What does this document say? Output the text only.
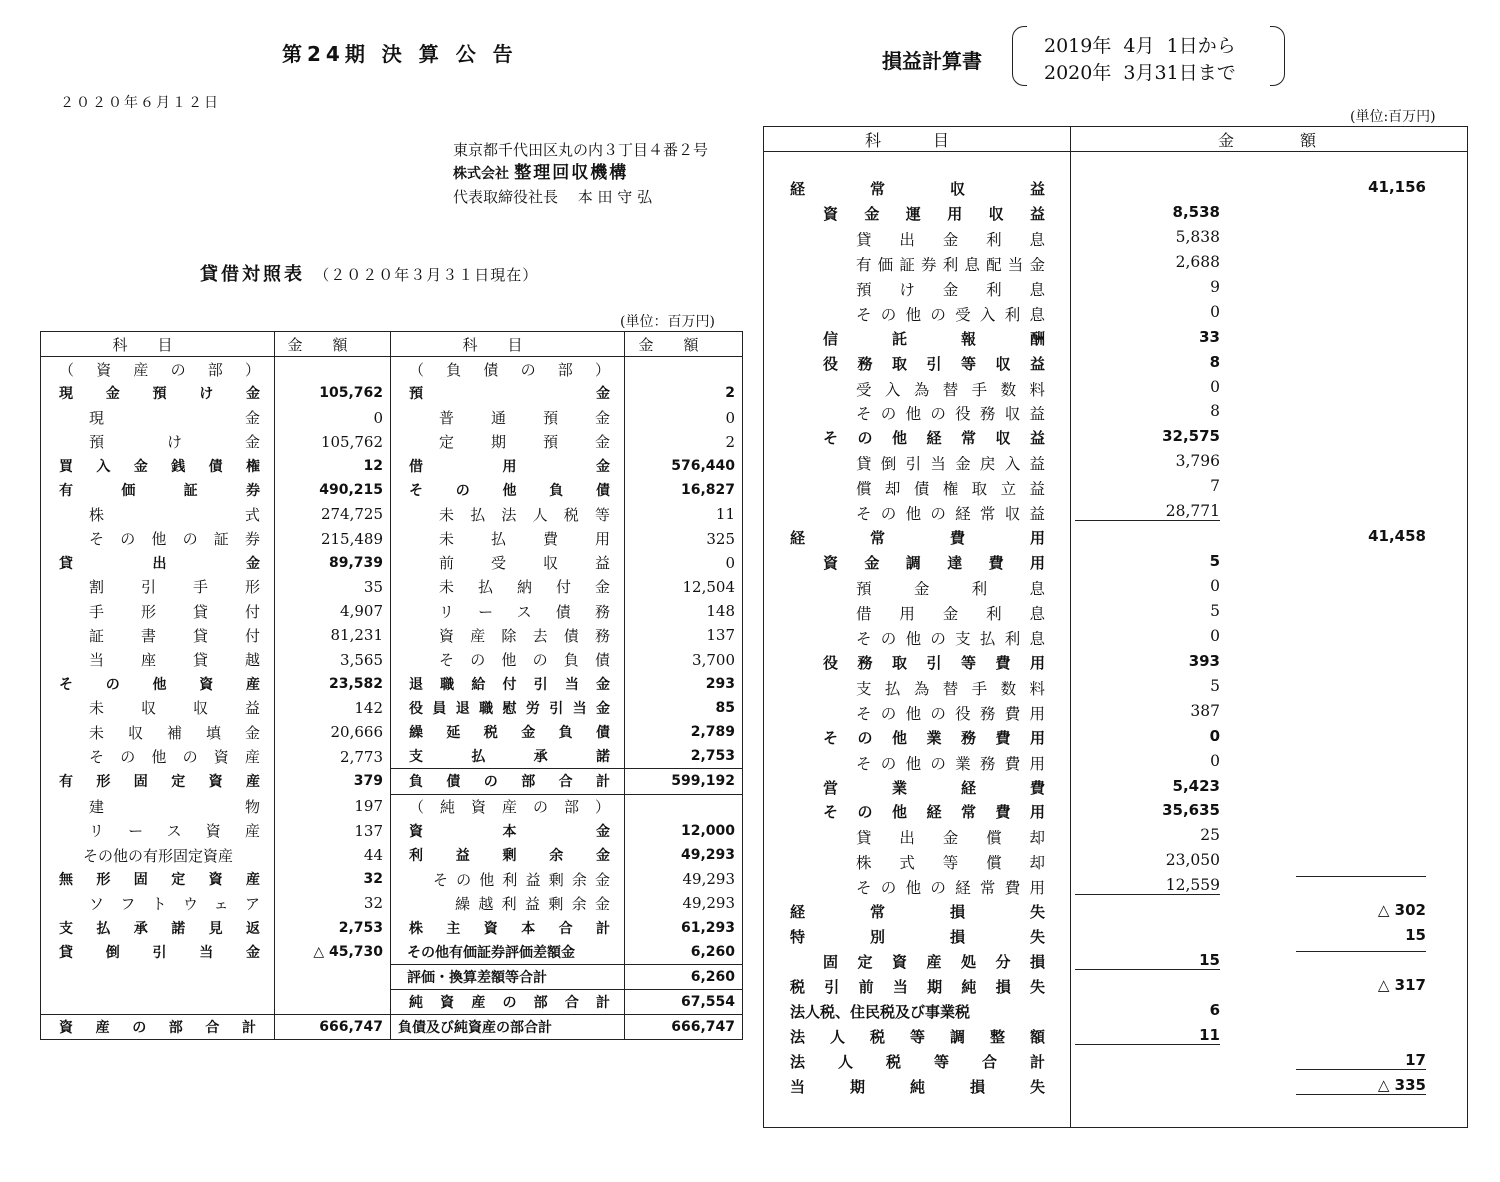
第24期 決 算 公 告
２０２０年６月１２日
東京都千代田区丸の内３丁目４番２号
株式会社 整理回収機構
代表取締役社長　 本 田 守 弘
貸借対照表 （２０２０年３月３１日現在）
(単位：百万円)
科目	金額	科目	金額
（資産の部）		（負債の部）	
現金預け金	105,762	預金	2
現金	0	普通預金	0
預け金	105,762	定期預金	2
買入金銭債権	12	借用金	576,440
有価証券	490,215	その他負債	16,827
株式	274,725	未払法人税等	11
その他の証券	215,489	未払費用	325
貸出金	89,739	前受収益	0
割引手形	35	未払納付金	12,504
手形貸付	4,907	リース債務	148
証書貸付	81,231	資産除去債務	137
当座貸越	3,565	その他の負債	3,700
その他資産	23,582	退職給付引当金	293
未収収益	142	役員退職慰労引当金	85
未収補填金	20,666	繰延税金負債	2,789
その他の資産	2,773	支払承諾	2,753
有形固定資産	379	負債の部合計	599,192
建物	197	（純資産の部）	
リース資産	137	資本金	12,000
その他の有形固定資産	44	利益剰余金	49,293
無形固定資産	32	その他利益剰余金	49,293
ソフトウェア	32	繰越利益剰余金	49,293
支払承諾見返	2,753	株主資本合計	61,293
貸倒引当金	△ 45,730	その他有価証券評価差額金	6,260
		評価・換算差額等合計	6,260
		純資産の部合計	67,554
資産の部合計	666,747	負債及び純資産の部合計	666,747
損益計算書
2019年  4月  1日から
2020年  3月31日まで
(単位:百万円)
科目	金額
経常収益	41,156
資金運用収益	8,538
貸出金利息	5,838
有価証券利息配当金	2,688
預け金利息	9
その他の受入利息	0
信託報酬	33
役務取引等収益	8
受入為替手数料	0
その他の役務収益	8
その他経常収益	32,575
貸倒引当金戻入益	3,796
償却債権取立益	7
その他の経常収益	28,771
経常費用	41,458
資金調達費用	5
預金利息	0
借用金利息	5
その他の支払利息	0
役務取引等費用	393
支払為替手数料	5
その他の役務費用	387
その他業務費用	0
その他の業務費用	0
営業経費	5,423
その他経常費用	35,635
貸出金償却	25
株式等償却	23,050
その他の経常費用	12,559
経常損失	△ 302
特別損失	15
固定資産処分損	15
税引前当期純損失	△ 317
法人税、住民税及び事業税	6
法人税等調整額	11
法人税等合計	17
当期純損失	△ 335
